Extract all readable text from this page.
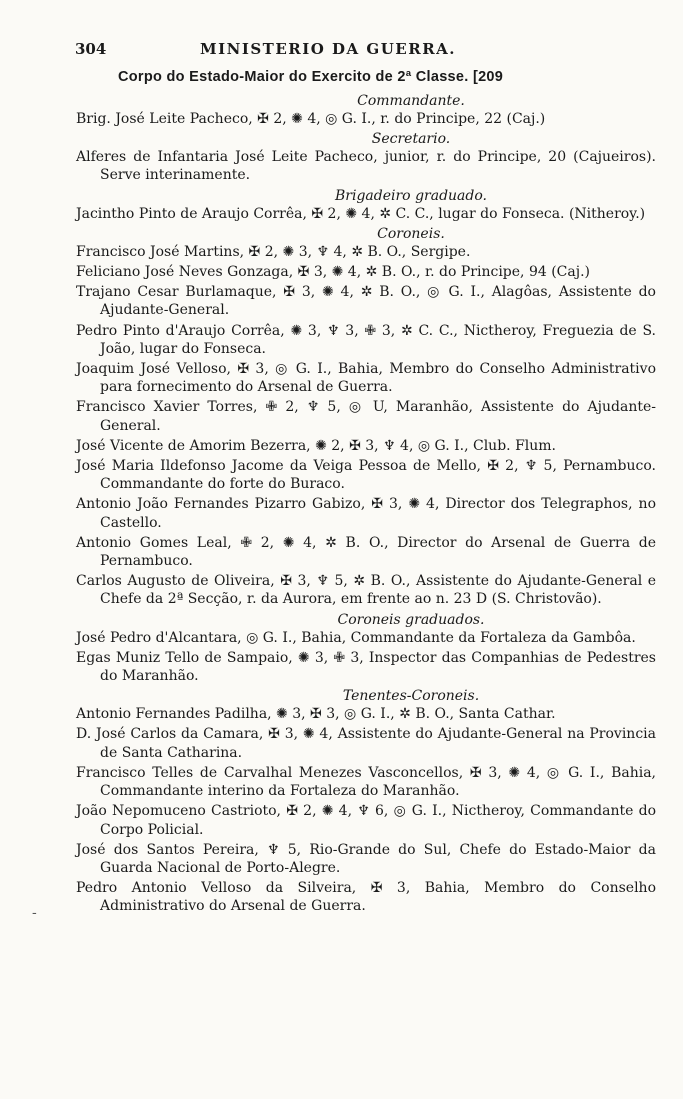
304	MINISTERIO DA GUERRA.
Corpo do Estado-Maior do Exercito de 2ª Classe. [209
-
Commandante.

Brig. José Leite Pacheco, ✠ 2, ✺ 4, ◎ G. I., r. do Principe, 22 (Caj.)

Secretario.

Alferes de Infantaria José Leite Pacheco, junior, r. do Principe, 20 (Cajueiros). Serve interinamente.

Brigadeiro graduado.

Jacintho Pinto de Araujo Corrêa, ✠ 2, ✺ 4, ✲ C. C., lugar do Fonseca. (Nitheroy.)

Coroneis.

Francisco José Martins, ✠ 2, ✺ 3, ♆ 4, ✲ B. O., Sergipe.

Feliciano José Neves Gonzaga, ✠ 3, ✺ 4, ✲ B. O., r. do Principe, 94 (Caj.)

Trajano Cesar Burlamaque, ✠ 3, ✺ 4, ✲ B. O., ◎ G. I., Alagôas, Assistente do Ajudante-General.

Pedro Pinto d'Araujo Corrêa, ✺ 3, ♆ 3, ✙ 3, ✲ C. C., Nictheroy, Freguezia de S. João, lugar do Fonseca.

Joaquim José Velloso, ✠ 3, ◎ G. I., Bahia, Membro do Conselho Administrativo para fornecimento do Arsenal de Guerra.

Francisco Xavier Torres, ✙ 2, ♆ 5, ◎ U, Maranhão, Assistente do Ajudante-General.

José Vicente de Amorim Bezerra, ✺ 2, ✠ 3, ♆ 4, ◎ G. I., Club. Flum.

José Maria Ildefonso Jacome da Veiga Pessoa de Mello, ✠ 2, ♆ 5, Pernambuco. Commandante do forte do Buraco.

Antonio João Fernandes Pizarro Gabizo, ✠ 3, ✺ 4, Director dos Telegraphos, no Castello.

Antonio Gomes Leal, ✙ 2, ✺ 4, ✲ B. O., Director do Arsenal de Guerra de Pernambuco.

Carlos Augusto de Oliveira, ✠ 3, ♆ 5, ✲ B. O., Assistente do Ajudante-General e Chefe da 2ª Secção, r. da Aurora, em frente ao n. 23 D (S. Christovão).

Coroneis graduados.

José Pedro d'Alcantara, ◎ G. I., Bahia, Commandante da Fortaleza da Gambôa.

Egas Muniz Tello de Sampaio, ✺ 3, ✙ 3, Inspector das Companhias de Pedestres do Maranhão.

Tenentes-Coroneis.

Antonio Fernandes Padilha, ✺ 3, ✠ 3, ◎ G. I., ✲ B. O., Santa Cathar.

D. José Carlos da Camara, ✠ 3, ✺ 4, Assistente do Ajudante-General na Provincia de Santa Catharina.

Francisco Telles de Carvalhal Menezes Vasconcellos, ✠ 3, ✺ 4, ◎ G. I., Bahia, Commandante interino da Fortaleza do Maranhão.

João Nepomuceno Castrioto, ✠ 2, ✺ 4, ♆ 6, ◎ G. I., Nictheroy, Commandante do Corpo Policial.

José dos Santos Pereira, ♆ 5, Rio-Grande do Sul, Chefe do Estado-Maior da Guarda Nacional de Porto-Alegre.

Pedro Antonio Velloso da Silveira, ✠ 3, Bahia, Membro do Conselho Administrativo do Arsenal de Guerra.
